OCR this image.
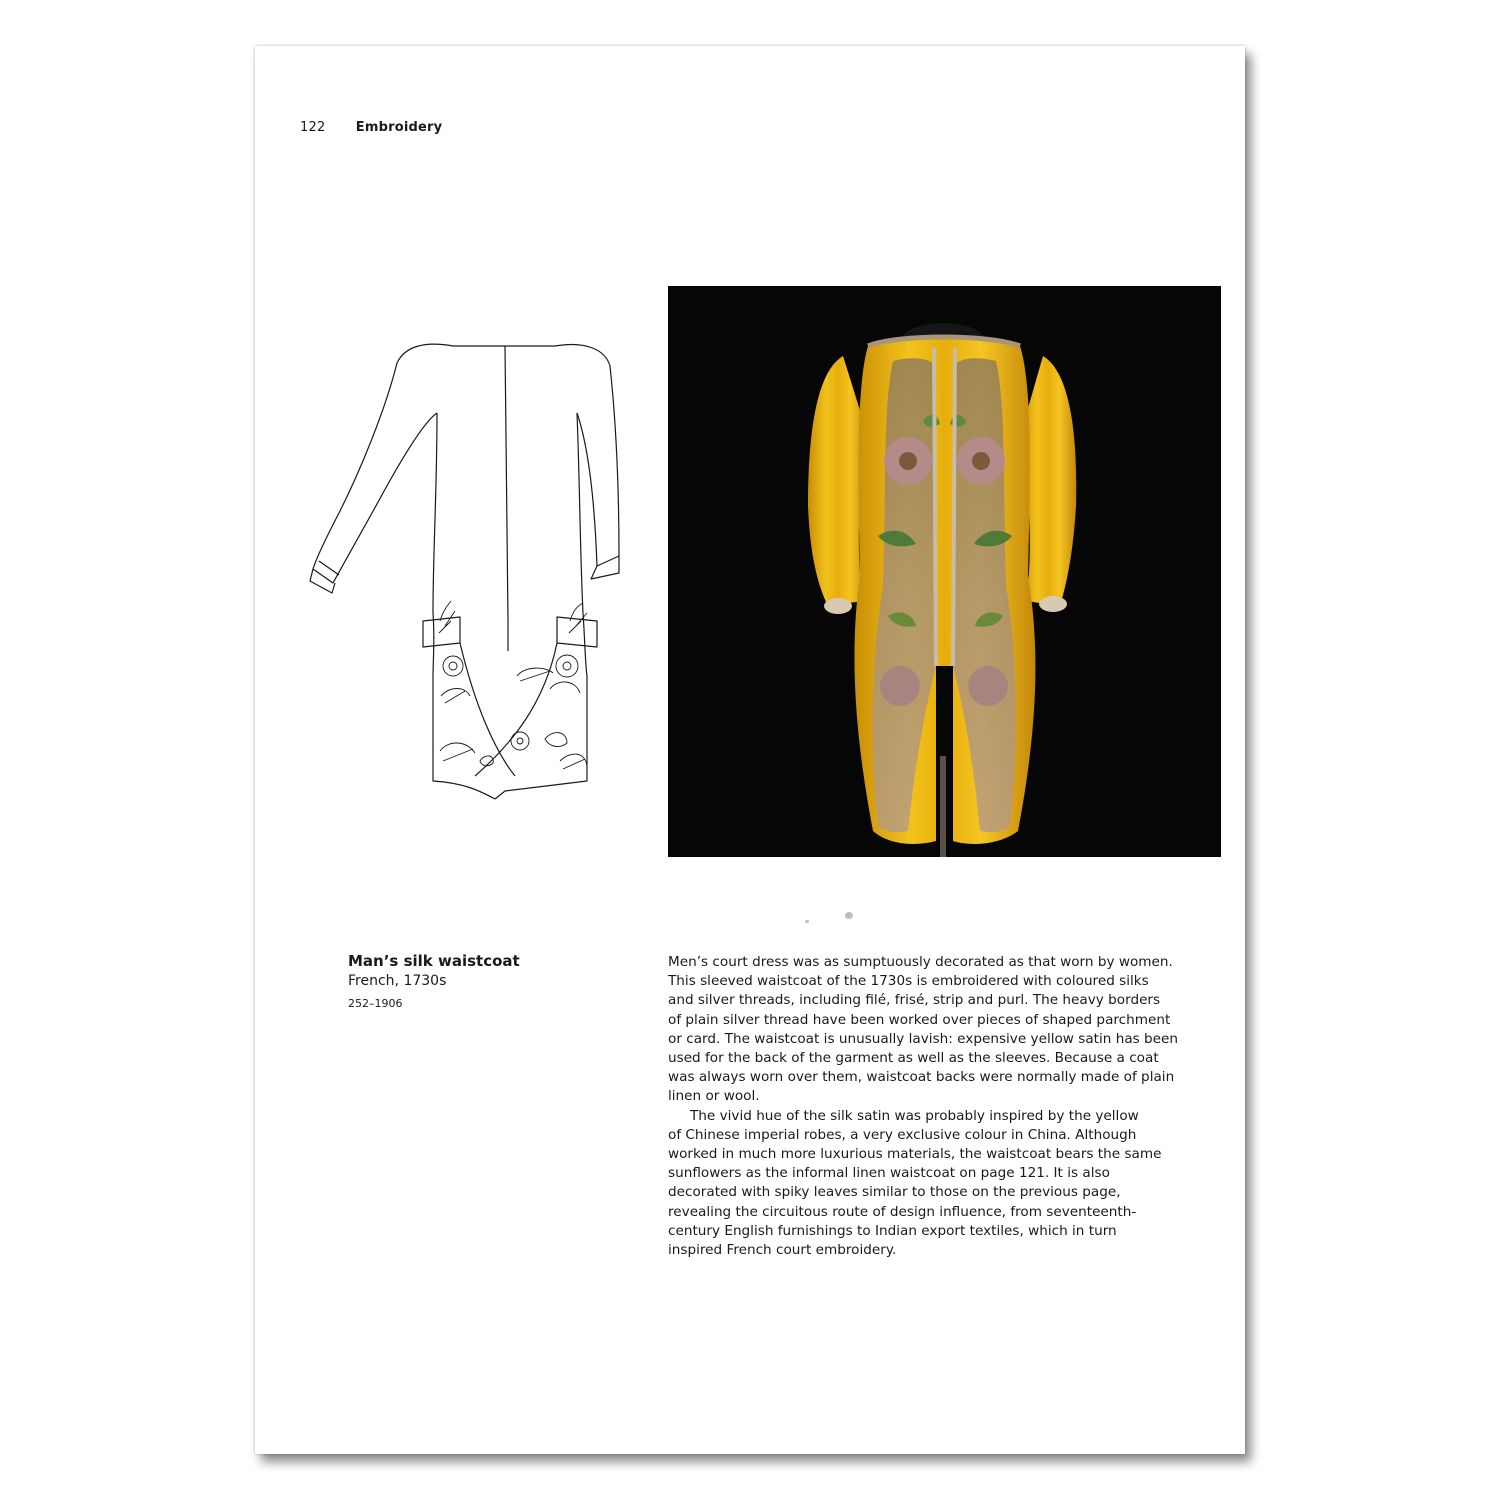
122 Embroidery
Man’s silk waistcoat
French, 1730s
252–1906

Men’s court dress was as sumptuously decorated as that worn by women.
This sleeved waistcoat of the 1730s is embroidered with coloured silks
and silver threads, including filé, frisé, strip and purl. The heavy borders
of plain silver thread have been worked over pieces of shaped parchment
or card. The waistcoat is unusually lavish: expensive yellow satin has been
used for the back of the garment as well as the sleeves. Because a coat
was always worn over them, waistcoat backs were normally made of plain
linen or wool.

The vivid hue of the silk satin was probably inspired by the yellow
of Chinese imperial robes, a very exclusive colour in China. Although
worked in much more luxurious materials, the waistcoat bears the same
sunflowers as the informal linen waistcoat on page 121. It is also
decorated with spiky leaves similar to those on the previous page,
revealing the circuitous route of design influence, from seventeenth-
century English furnishings to Indian export textiles, which in turn
inspired French court embroidery.
